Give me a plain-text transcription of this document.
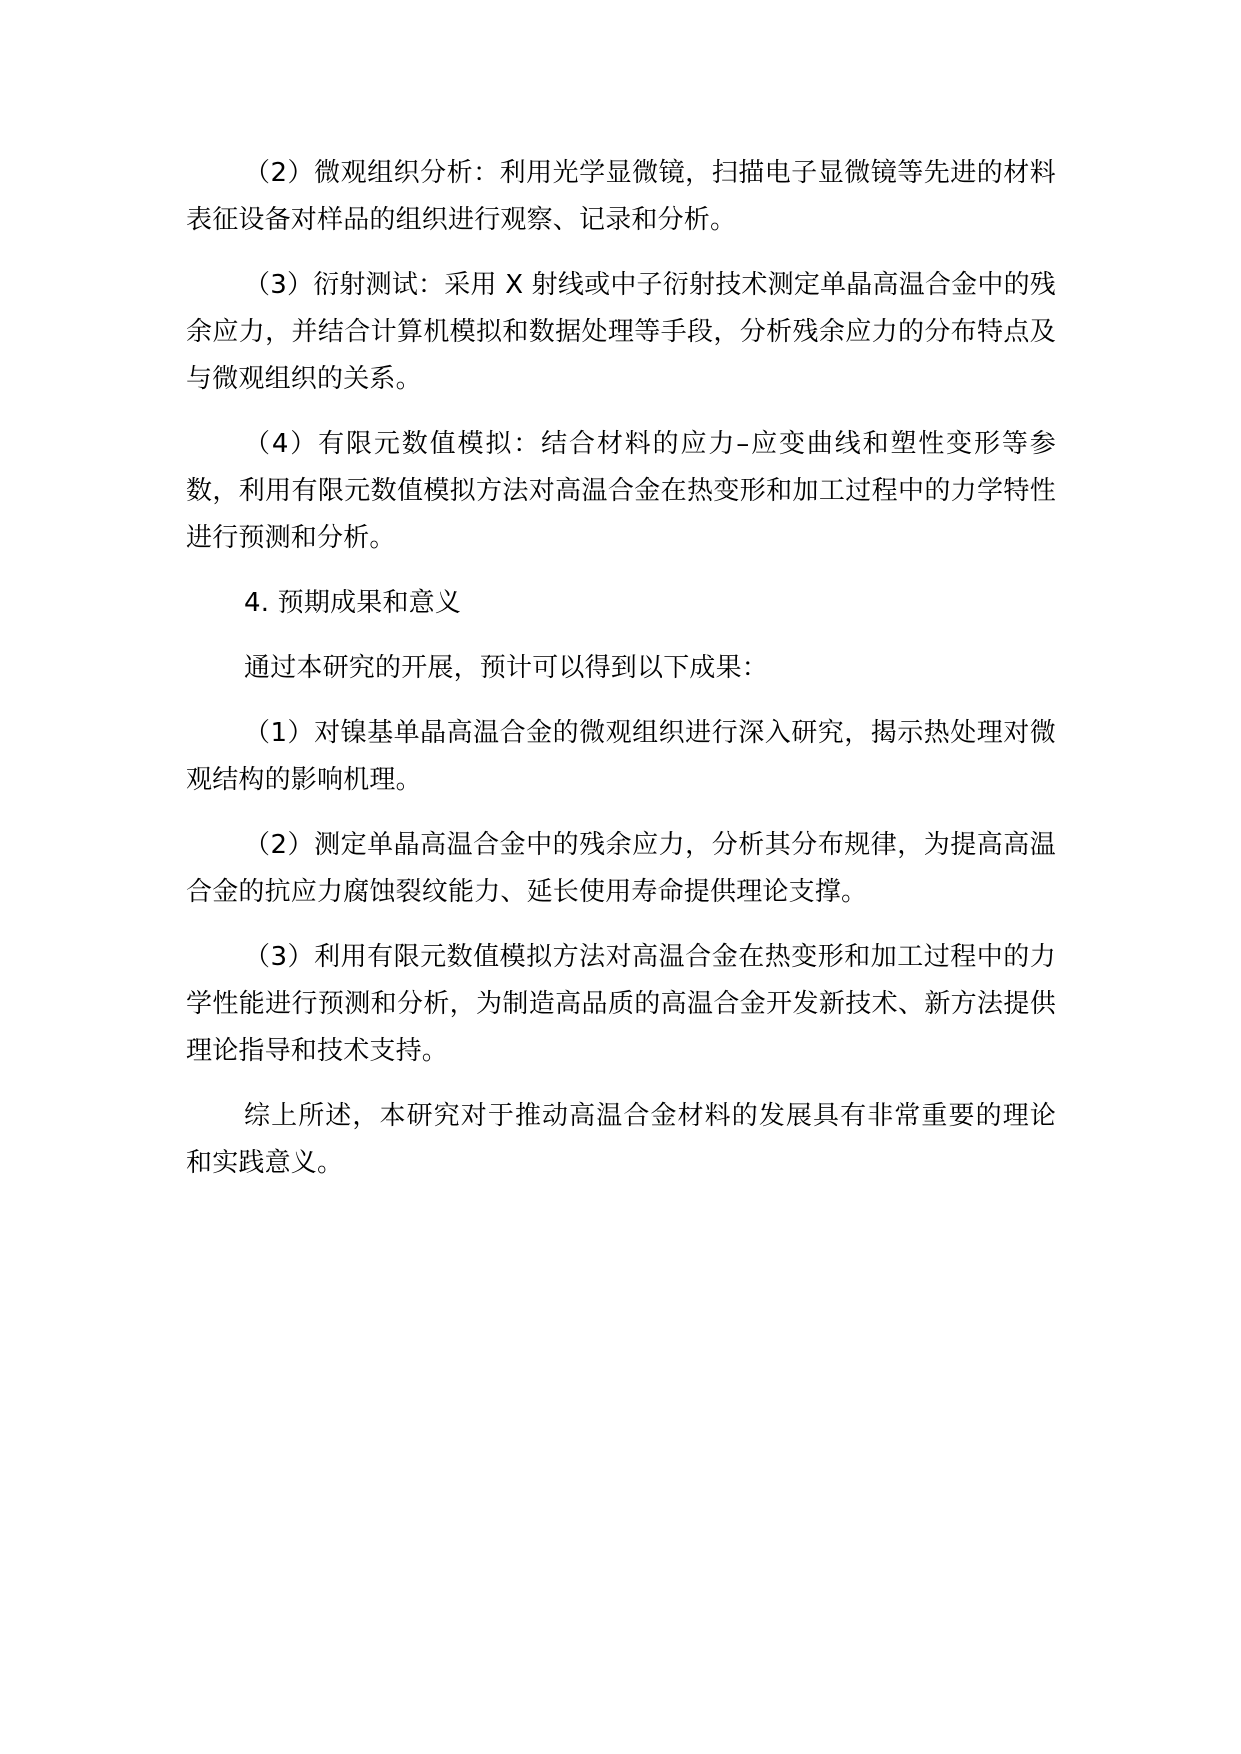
（2）微观组织分析：利用光学显微镜，扫描电子显微镜等先进的材料表征设备对样品的组织进行观察、记录和分析。

（3）衍射测试：采用 X 射线或中子衍射技术测定单晶高温合金中的残余应力，并结合计算机模拟和数据处理等手段，分析残余应力的分布特点及与微观组织的关系。

（4）有限元数值模拟：结合材料的应力–应变曲线和塑性变形等参数，利用有限元数值模拟方法对高温合金在热变形和加工过程中的力学特性进行预测和分析。

4. 预期成果和意义

通过本研究的开展，预计可以得到以下成果：

（1）对镍基单晶高温合金的微观组织进行深入研究，揭示热处理对微观结构的影响机理。

（2）测定单晶高温合金中的残余应力，分析其分布规律，为提高高温合金的抗应力腐蚀裂纹能力、延长使用寿命提供理论支撑。

（3）利用有限元数值模拟方法对高温合金在热变形和加工过程中的力学性能进行预测和分析，为制造高品质的高温合金开发新技术、新方法提供理论指导和技术支持。

综上所述，本研究对于推动高温合金材料的发展具有非常重要的理论和实践意义。
